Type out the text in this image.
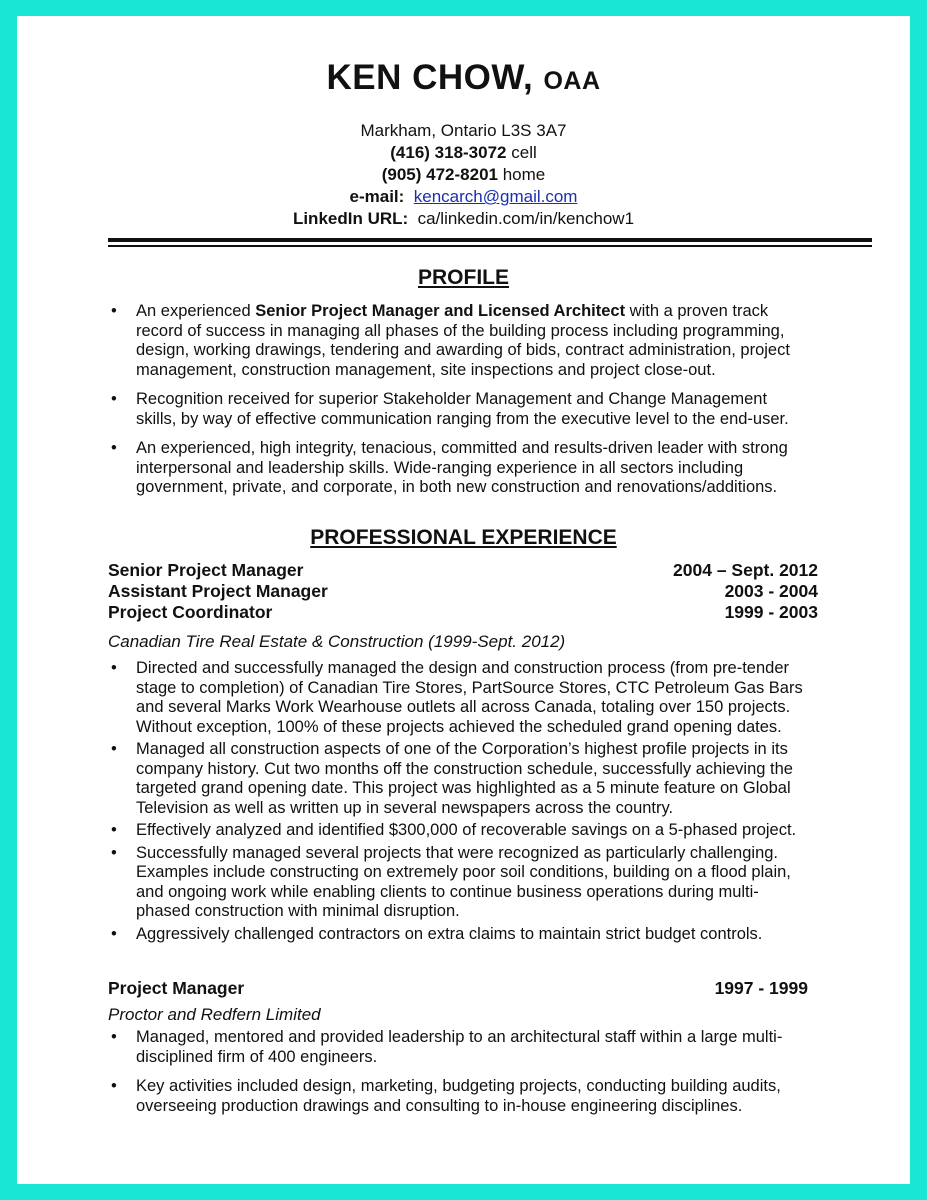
KEN CHOW, OAA
Markham, Ontario L3S 3A7
(416) 318-3072 cell
(905) 472-8201 home
e-mail: kencarch@gmail.com
LinkedIn URL: ca/linkedin.com/in/kenchow1
PROFILE
• An experienced Senior Project Manager and Licensed Architect with a proven track record of success in managing all phases of the building process including programming, design, working drawings, tendering and awarding of bids, contract administration, project management, construction management, site inspections and project close-out.
• Recognition received for superior Stakeholder Management and Change Management skills, by way of effective communication ranging from the executive level to the end-user.
• An experienced, high integrity, tenacious, committed and results-driven leader with strong interpersonal and leadership skills. Wide-ranging experience in all sectors including government, private, and corporate, in both new construction and renovations/additions.
PROFESSIONAL EXPERIENCE
Senior Project Manager	2004 – Sept. 2012
Assistant Project Manager	2003 - 2004
Project Coordinator	1999 - 2003
Canadian Tire Real Estate & Construction (1999-Sept. 2012)
• Directed and successfully managed the design and construction process (from pre-tender stage to completion) of Canadian Tire Stores, PartSource Stores, CTC Petroleum Gas Bars and several Marks Work Wearhouse outlets all across Canada, totaling over 150 projects. Without exception, 100% of these projects achieved the scheduled grand opening dates.
• Managed all construction aspects of one of the Corporation’s highest profile projects in its company history. Cut two months off the construction schedule, successfully achieving the targeted grand opening date. This project was highlighted as a 5 minute feature on Global Television as well as written up in several newspapers across the country.
• Effectively analyzed and identified $300,000 of recoverable savings on a 5-phased project.
• Successfully managed several projects that were recognized as particularly challenging. Examples include constructing on extremely poor soil conditions, building on a flood plain, and ongoing work while enabling clients to continue business operations during multi-phased construction with minimal disruption.
• Aggressively challenged contractors on extra claims to maintain strict budget controls.
Project Manager	1997 - 1999
Proctor and Redfern Limited
• Managed, mentored and provided leadership to an architectural staff within a large multi-disciplined firm of 400 engineers.
• Key activities included design, marketing, budgeting projects, conducting building audits, overseeing production drawings and consulting to in-house engineering disciplines.
